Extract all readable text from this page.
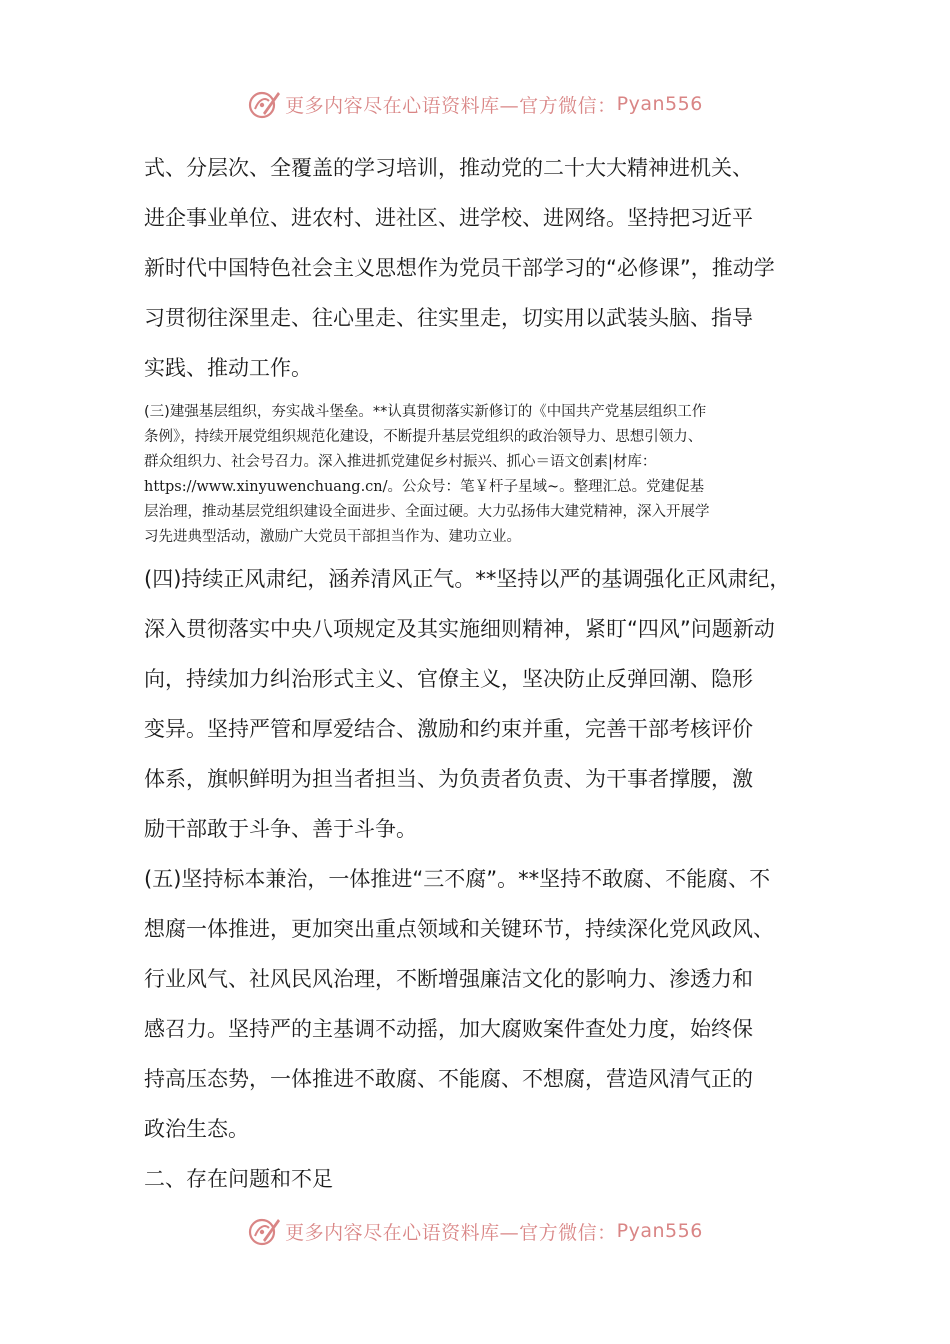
更多内容尽在心语资料库—官方微信： Pyan556

式、分层次、全覆盖的学习培训，推动党的二十大大精神进机关、

进企事业单位、进农村、进社区、进学校、进网络。坚持把习近平

新时代中国特色社会主义思想作为党员干部学习的“必修课”，推动学

习贯彻往深里走、往心里走、往实里走，切实用以武装头脑、指导

实践、推动工作。

(三)建强基层组织，夯实战斗堡垒。**认真贯彻落实新修订的《中国共产党基层组织工作

条例》，持续开展党组织规范化建设，不断提升基层党组织的政治领导力、思想引领力、

群众组织力、社会号召力。深入推进抓党建促乡村振兴、抓心＝语文创素|材库：

https://www.xinyuwenchuang.cn/。公众号：笔￥杆子星域~。整理汇总。党建促基

层治理，推动基层党组织建设全面进步、全面过硬。大力弘扬伟大建党精神，深入开展学

习先进典型活动，激励广大党员干部担当作为、建功立业。

(四)持续正风肃纪，涵养清风正气。**坚持以严的基调强化正风肃纪，

深入贯彻落实中央八项规定及其实施细则精神，紧盯“四风”问题新动

向，持续加力纠治形式主义、官僚主义，坚决防止反弹回潮、隐形

变异。坚持严管和厚爱结合、激励和约束并重，完善干部考核评价

体系，旗帜鲜明为担当者担当、为负责者负责、为干事者撑腰，激

励干部敢于斗争、善于斗争。

(五)坚持标本兼治，一体推进“三不腐”。**坚持不敢腐、不能腐、不

想腐一体推进，更加突出重点领域和关键环节，持续深化党风政风、

行业风气、社风民风治理，不断增强廉洁文化的影响力、渗透力和

感召力。坚持严的主基调不动摇，加大腐败案件查处力度，始终保

持高压态势，一体推进不敢腐、不能腐、不想腐，营造风清气正的

政治生态。

二、存在问题和不足

更多内容尽在心语资料库—官方微信： Pyan556
